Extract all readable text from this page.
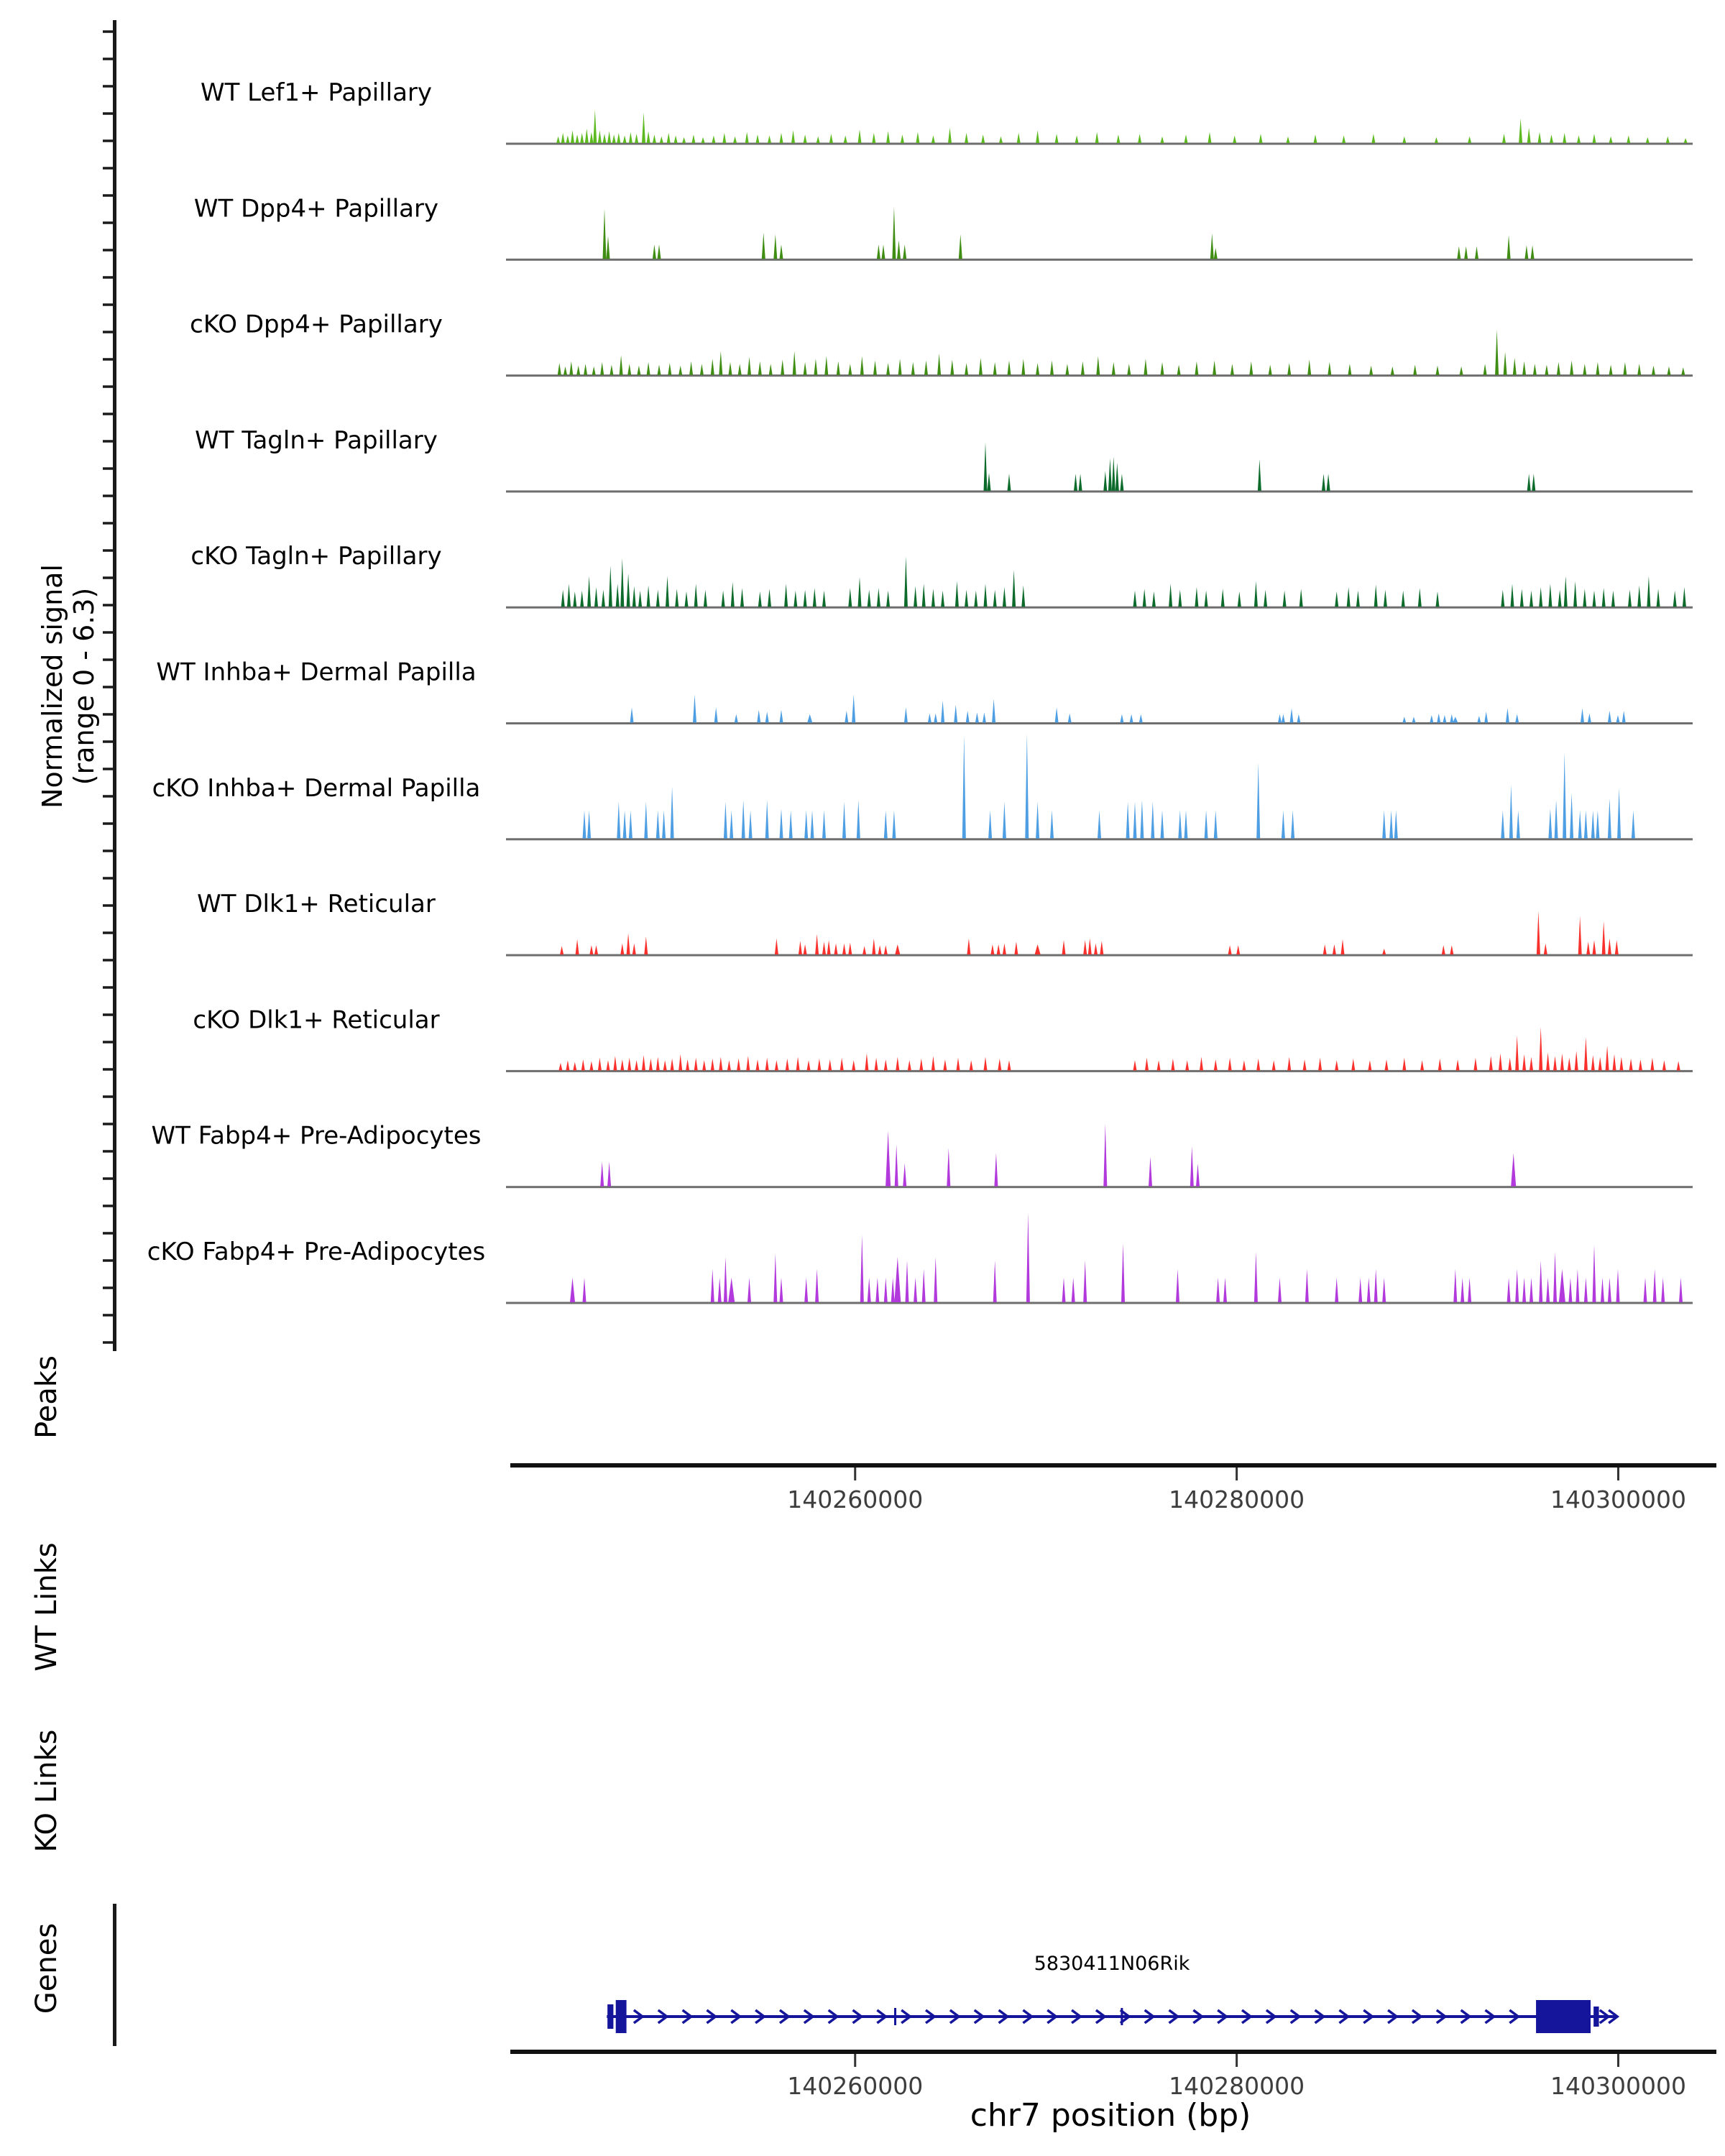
Normalized signal (range 0 - 6.3)
WT Lef1+ Papillary
WT Dpp4+ Papillary
cKO Dpp4+ Papillary
WT Tagln+ Papillary
cKO Tagln+ Papillary
WT Inhba+ Dermal Papilla
cKO Inhba+ Dermal Papilla
WT Dlk1+ Reticular
cKO Dlk1+ Reticular
WT Fabp4+ Pre-Adipocytes
cKO Fabp4+ Pre-Adipocytes
Peaks
140260000	140280000	140300000
WT Links
KO Links
Genes	5830411N06Rik
140260000	140280000	140300000
chr7 position (bp)
